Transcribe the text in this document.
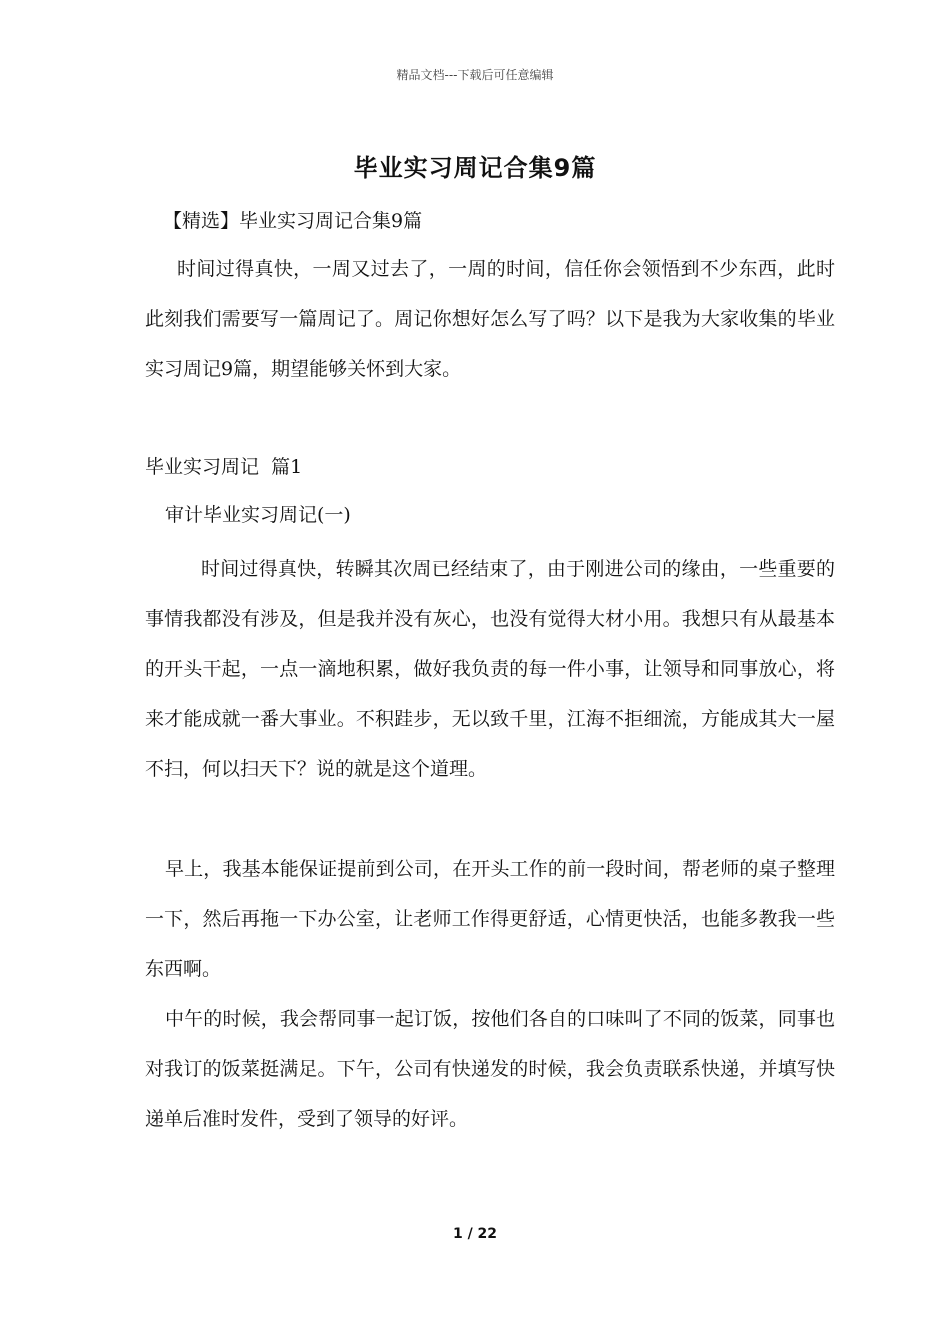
精品文档---下载后可任意编辑
毕业实习周记合集9篇
【精选】毕业实习周记合集9篇
时间过得真快，一周又过去了，一周的时间，信任你会领悟到不少东西，此时此刻我们需要写一篇周记了。周记你想好怎么写了吗？以下是我为大家收集的毕业实习周记9篇，期望能够关怀到大家。
毕业实习周记  篇1
审计毕业实习周记(一)
时间过得真快，转瞬其次周已经结束了，由于刚进公司的缘由，一些重要的事情我都没有涉及，但是我并没有灰心，也没有觉得大材小用。我想只有从最基本的开头干起，一点一滴地积累，做好我负责的每一件小事，让领导和同事放心，将来才能成就一番大事业。不积跬步，无以致千里，江海不拒细流，方能成其大一屋不扫，何以扫天下？说的就是这个道理。
早上，我基本能保证提前到公司，在开头工作的前一段时间，帮老师的桌子整理一下，然后再拖一下办公室，让老师工作得更舒适，心情更快活，也能多教我一些东西啊。
中午的时候，我会帮同事一起订饭，按他们各自的口味叫了不同的饭菜，同事也对我订的饭菜挺满足。下午，公司有快递发的时候，我会负责联系快递，并填写快递单后准时发件，受到了领导的好评。
1 / 22
